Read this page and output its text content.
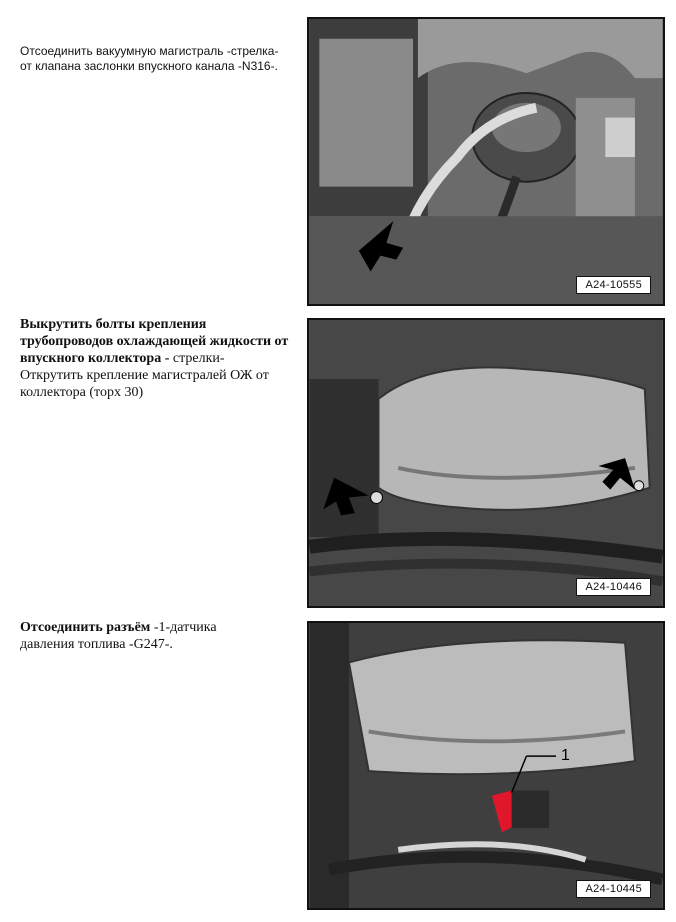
Отсоединить вакуумную магистраль -стрелка- от клапана заслонки впускного канала -N316-.
A24-10555
Выкрутить болты крепления трубопроводов охлаждающей жидкости от впускного коллектора - стрелки-
Открутить крепление магистралей ОЖ от коллектора (торх 30)
A24-10446
Отсоединить разъём -1-датчика давления топлива -G247-.
1
A24-10445
